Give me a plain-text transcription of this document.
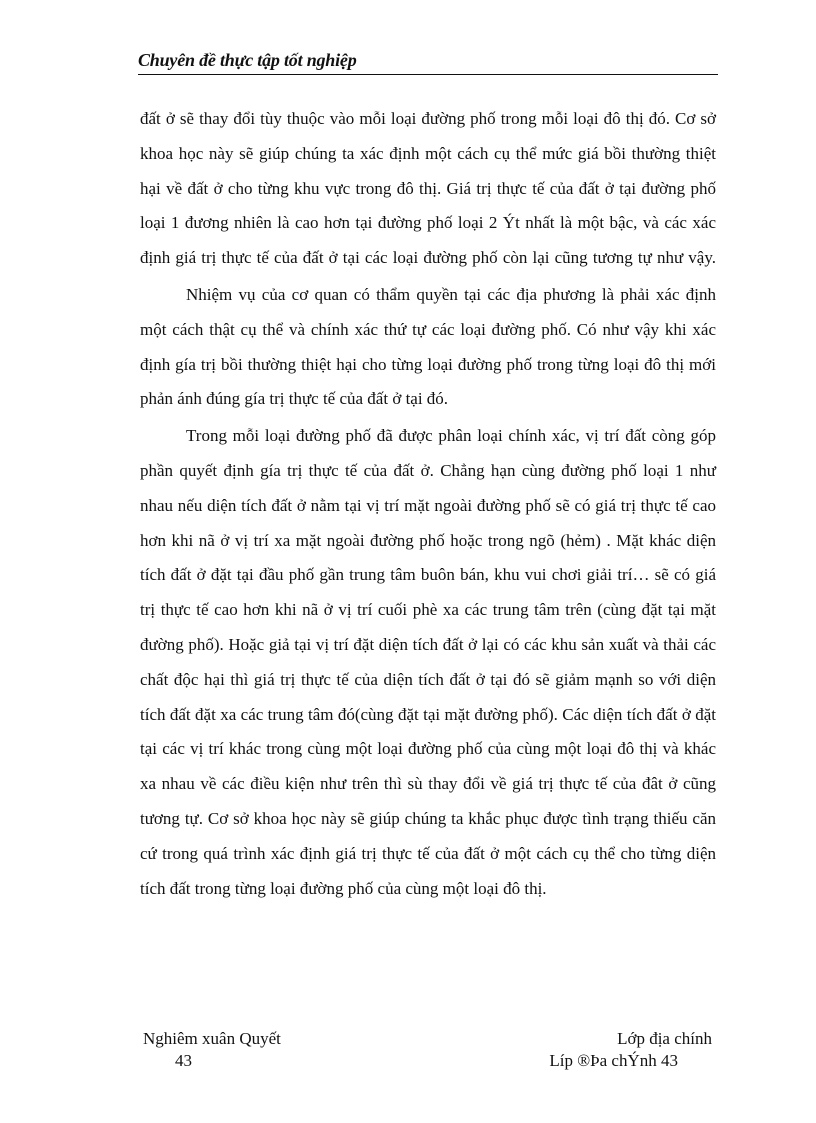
Chuyên đề thực tập tốt nghiệp

đất ở sẽ thay đổi tùy thuộc vào mỗi loại đường phố trong mỗi loại đô thị đó. Cơ sở khoa học này sẽ giúp chúng ta xác định một cách cụ thể mức giá bồi thường thiệt hại về đất ở cho từng khu vực trong đô thị. Giá trị thực tế của đất ở tại đường phố loại 1 đương nhiên là cao hơn tại đường phố loại 2 Ýt nhất là một bậc, và các xác định giá trị thực tế của đất ở tại các loại đường phố còn lại cũng tương tự như vậy.

Nhiệm vụ của cơ quan có thẩm quyền tại các địa phương là phải xác định một cách thật cụ thể và chính xác thứ tự các loại đường phố. Có như vậy khi xác định gía trị bồi thường thiệt hại cho từng loại đường phố trong từng loại đô thị mới phản ánh đúng gía trị thực tế của đất ở tại đó.

Trong mỗi loại đường phố đã được phân loại chính xác, vị trí đất còng góp phần quyết định gía trị thực tế của đất ở. Chẳng hạn cùng đường phố loại 1 như nhau nếu diện tích đất ở nằm tại vị trí mặt ngoài đường phố sẽ có giá trị thực tế cao hơn khi nã ở vị trí xa mặt ngoài đường phố hoặc trong ngõ (hẻm) . Mặt khác diện tích đất ở đặt tại đầu phố gần trung tâm buôn bán, khu vui chơi giải trí… sẽ có giá trị thực tế cao hơn khi nã ở vị trí cuối phè xa các trung tâm trên (cùng đặt tại mặt đường phố). Hoặc giả tại vị trí đặt diện tích đất ở lại có các khu sản xuất và thải các chất độc hại thì giá trị thực tế của diện tích đất ở tại đó sẽ giảm mạnh so với diện tích đất đặt xa các trung tâm đó(cùng đặt tại mặt đường phố). Các diện tích đất ở đặt tại các vị trí khác trong cùng một loại đường phố của cùng một loại đô thị và khác xa nhau về các điều kiện như trên thì sù thay đổi về giá trị thực tế của đât ở cũng tương tự. Cơ sở khoa học này sẽ giúp chúng ta khắc phục được tình trạng thiếu căn cứ trong quá trình xác định giá trị thực tế của đất ở một cách cụ thể cho từng diện tích đất trong từng loại đường phố của cùng một loại đô thị.

Nghiêm xuân Quyết	Lớp địa chính
43	Líp ®Þa chÝnh 43
